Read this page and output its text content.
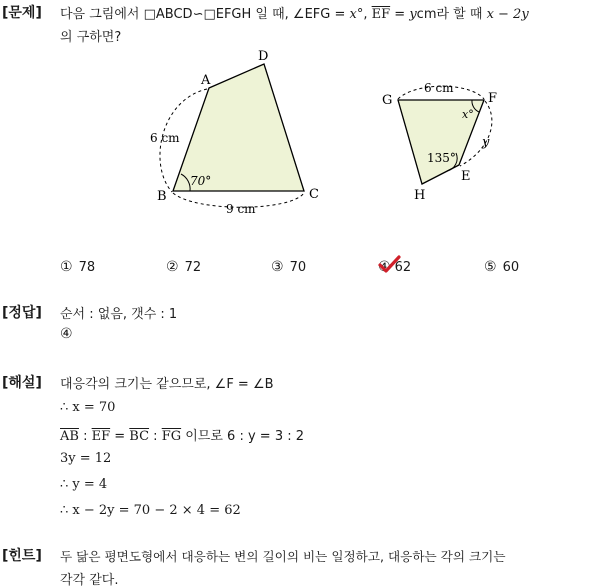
[문제] 다음 그림에서 □ABCD∽□EFGH 일 때, ∠EFG = x°, $\overline{EF}$ = ycm라 할 때 x − 2y
의 구하면?
A
D
B	C
6 cm
9 cm
70°
G	F
E
H
6 cm
y
x°
135°
① 78	② 72	③ 70	④ 62	⑤ 60
[정답] 순서 : 없음, 갯수 : 1
④
[해설] 대응각의 크기는 같으므로, ∠F = ∠B
∴ x = 70
$\overline{AB}$ : $\overline{EF} = \overline{BC}$ : $\overline{FG}$ 이므로 6 : y = 3 : 2
3y = 12
∴ y = 4
∴ x − 2y = 70 − 2 × 4 = 62
[힌트] 두 닮은 평면도형에서 대응하는 변의 길이의 비는 일정하고, 대응하는 각의 크기는
각각 같다.
